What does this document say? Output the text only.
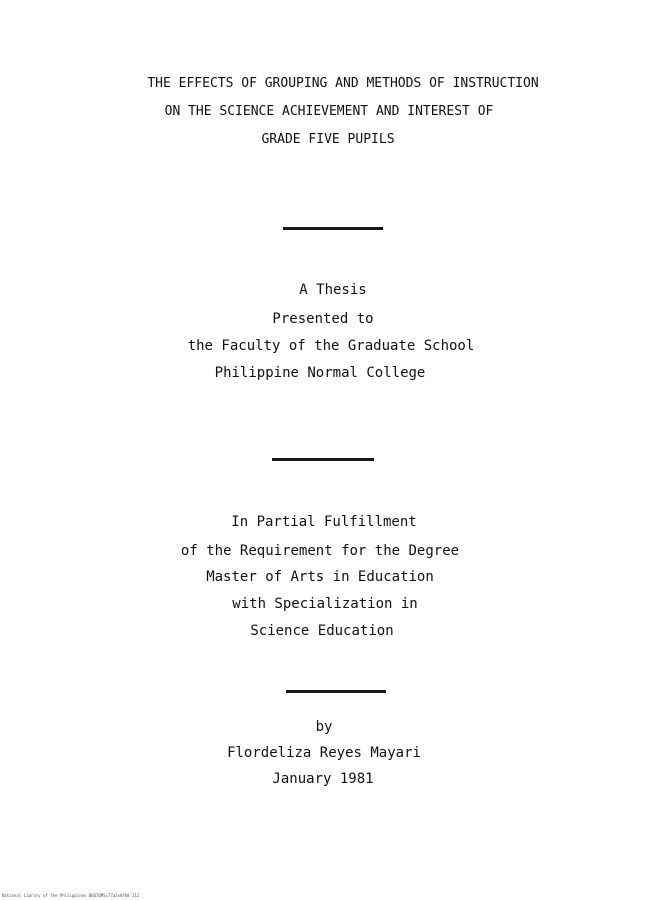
THE EFFECTS OF GROUPING AND METHODS OF INSTRUCTION
ON THE SCIENCE ACHIEVEMENT AND INTEREST OF
GRADE FIVE PUPILS
A Thesis
Presented to
the Faculty of the Graduate School
Philippine Normal College
In Partial Fulfillment
of the Requirement for the Degree
Master of Arts in Education
with Specialization in
Science Education
by
Flordeliza Reyes Mayari
January 1981
National Library of the Philippines B6070MSc77a1s0f08 212
